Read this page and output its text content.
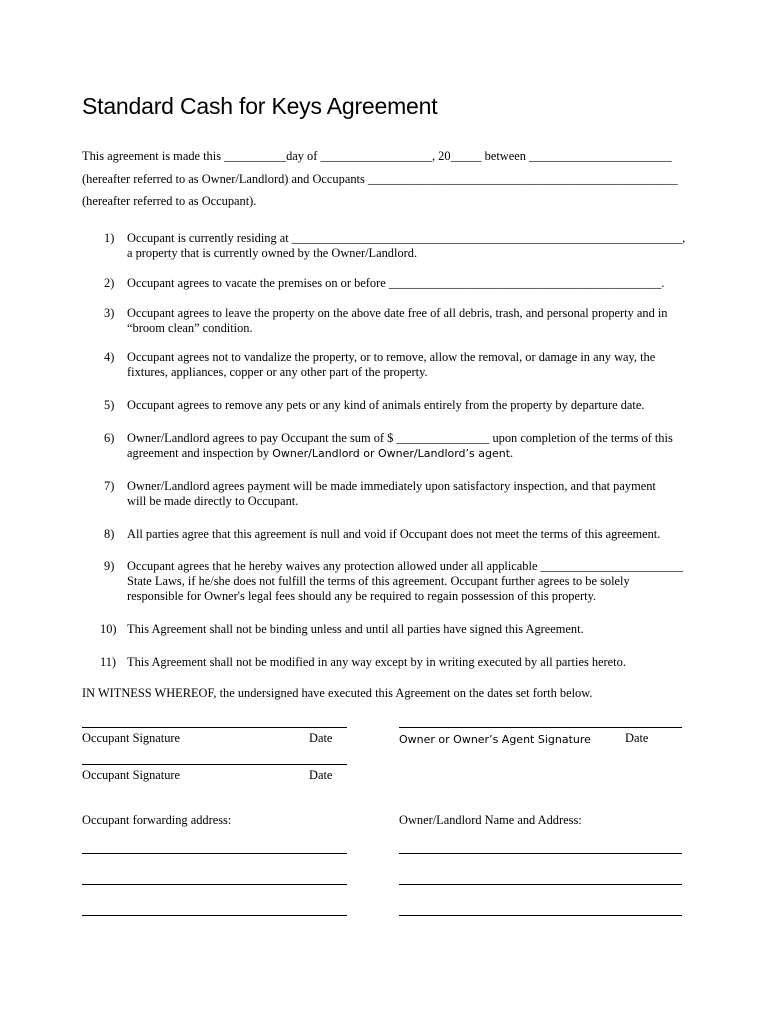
Standard Cash for Keys Agreement

This agreement is made this __________day of __________________, 20_____ between _______________________

(hereafter referred to as Owner/Landlord) and Occupants __________________________________________________

(hereafter referred to as Occupant).

1) Occupant is currently residing at _______________________________________________________________,
a property that is currently owned by the Owner/Landlord.
2) Occupant agrees to vacate the premises on or before ____________________________________________.
3) Occupant agrees to leave the property on the above date free of all debris, trash, and personal property and in
“broom clean” condition.
4) Occupant agrees not to vandalize the property, or to remove, allow the removal, or damage in any way, the
fixtures, appliances, copper or any other part of the property.
5) Occupant agrees to remove any pets or any kind of animals entirely from the property by departure date.
6) Owner/Landlord agrees to pay Occupant the sum of $ _______________ upon completion of the terms of this
agreement and inspection by Owner/Landlord or Owner/Landlord’s agent.
7) Owner/Landlord agrees payment will be made immediately upon satisfactory inspection, and that payment
will be made directly to Occupant.
8) All parties agree that this agreement is null and void if Occupant does not meet the terms of this agreement.
9) Occupant agrees that he hereby waives any protection allowed under all applicable _______________________
State Laws, if he/she does not fulfill the terms of this agreement. Occupant further agrees to be solely
responsible for Owner's legal fees should any be required to regain possession of this property.
10) This Agreement shall not be binding unless and until all parties have signed this Agreement.
11) This Agreement shall not be modified in any way except by in writing executed by all parties hereto.

IN WITNESS WHEREOF, the undersigned have executed this Agreement on the dates set forth below.

Occupant Signature	Date	Owner or Owner’s Agent Signature	Date

Occupant Signature	Date

Occupant forwarding address:	Owner/Landlord Name and Address:
